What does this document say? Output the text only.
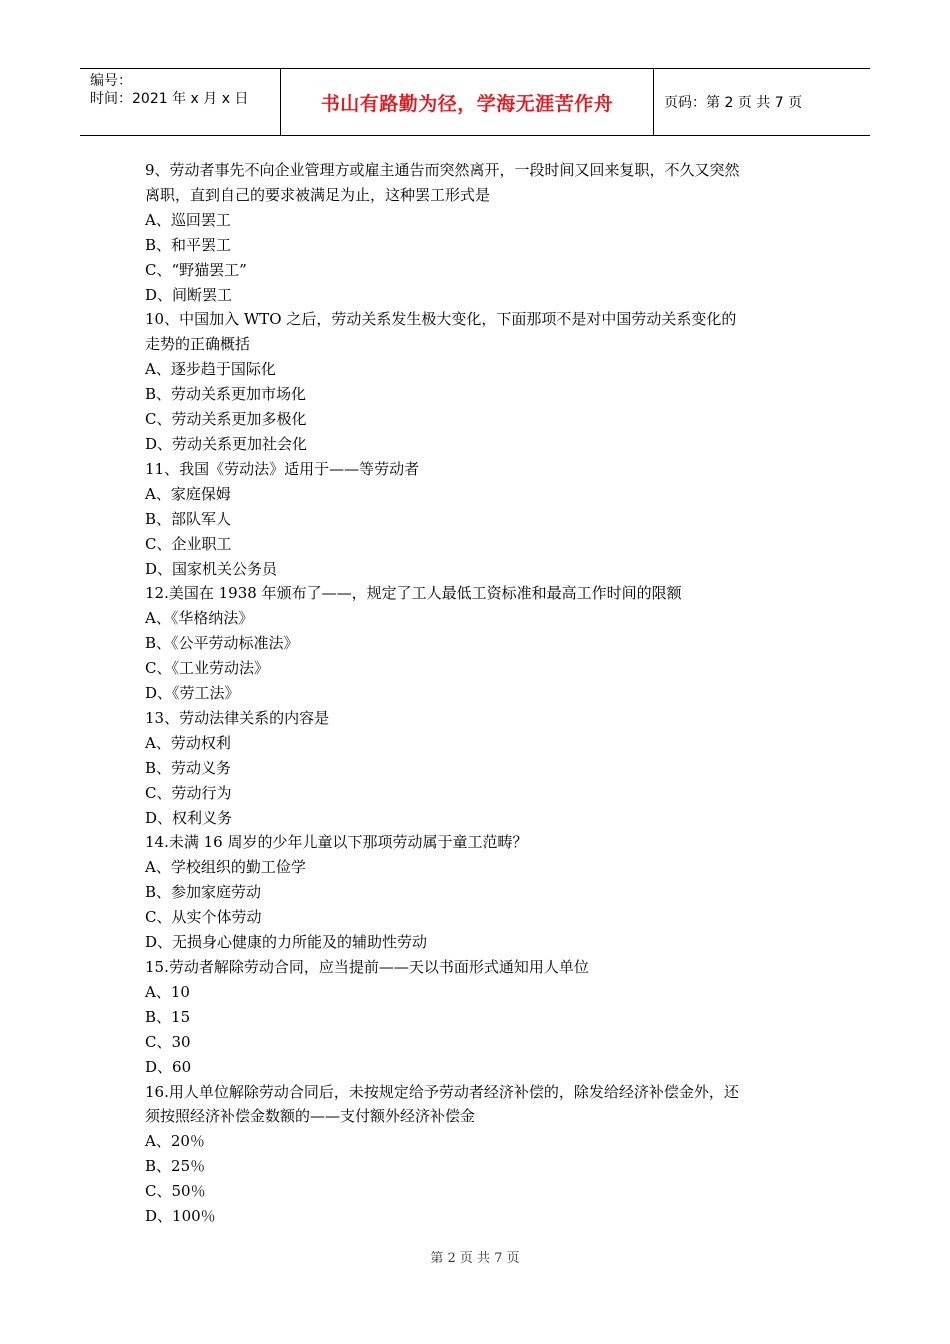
编号：
时间：2021 年 x 月 x 日	书山有路勤为径，学海无涯苦作舟	页码：第 2 页 共 7 页
9、劳动者事先不向企业管理方或雇主通告而突然离开，一段时间又回来复职，不久又突然
离职，直到自己的要求被满足为止，这种罢工形式是
A、巡回罢工
B、和平罢工
C、“野猫罢工”
D、间断罢工
10、中国加入 WTO 之后，劳动关系发生极大变化，下面那项不是对中国劳动关系变化的
走势的正确概括
A、逐步趋于国际化
B、劳动关系更加市场化
C、劳动关系更加多极化
D、劳动关系更加社会化
11、我国《劳动法》适用于——等劳动者
A、家庭保姆
B、部队军人
C、企业职工
D、国家机关公务员
12.美国在 1938 年颁布了——，规定了工人最低工资标准和最高工作时间的限额
A、《华格纳法》
B、《公平劳动标准法》
C、《工业劳动法》
D、《劳工法》
13、劳动法律关系的内容是
A、劳动权利
B、劳动义务
C、劳动行为
D、权利义务
14.未满 16 周岁的少年儿童以下那项劳动属于童工范畴？
A、学校组织的勤工俭学
B、参加家庭劳动
C、从实个体劳动
D、无损身心健康的力所能及的辅助性劳动
15.劳动者解除劳动合同，应当提前——天以书面形式通知用人单位
A、10
B、15
C、30
D、60
16.用人单位解除劳动合同后，未按规定给予劳动者经济补偿的，除发给经济补偿金外，还
须按照经济补偿金数额的——支付额外经济补偿金
A、20％
B、25％
C、50％
D、100％
第 2 页 共 7 页
